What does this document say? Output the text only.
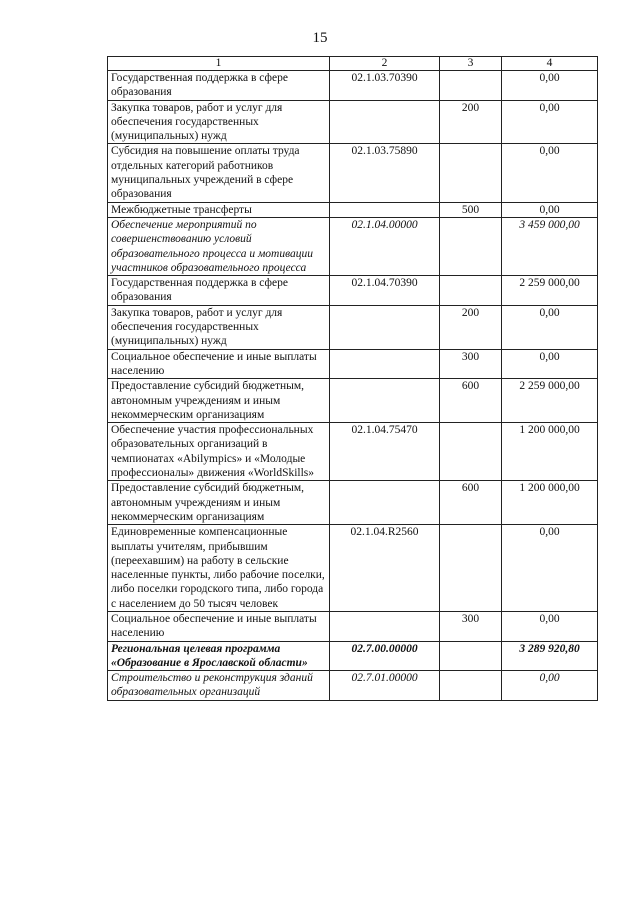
15
1	2	3	4
Государственная поддержка в сфере образования	02.1.03.70390		0,00
Закупка товаров, работ и услуг для обеспечения государственных (муниципальных) нужд		200	0,00
Субсидия на повышение оплаты труда отдельных категорий работников муниципальных учреждений в сфере образования	02.1.03.75890		0,00
Межбюджетные трансферты		500	0,00
Обеспечение мероприятий по совершенствованию условий образовательного процесса и мотивации участников образовательного процесса	02.1.04.00000		3 459 000,00
Государственная поддержка в сфере образования	02.1.04.70390		2 259 000,00
Закупка товаров, работ и услуг для обеспечения государственных (муниципальных) нужд		200	0,00
Социальное обеспечение и иные выплаты населению		300	0,00
Предоставление субсидий бюджетным, автономным учреждениям и иным некоммерческим организациям		600	2 259 000,00
Обеспечение участия профессиональных образовательных организаций в чемпионатах «Abilympics» и «Молодые профессионалы» движения «WorldSkills»	02.1.04.75470		1 200 000,00
Предоставление субсидий бюджетным, автономным учреждениям и иным некоммерческим организациям		600	1 200 000,00
Единовременные компенсационные выплаты учителям, прибывшим (переехавшим) на работу в сельские населенные пункты, либо рабочие поселки, либо поселки городского типа, либо города с населением до 50 тысяч человек	02.1.04.R2560		0,00
Социальное обеспечение и иные выплаты населению		300	0,00
Региональная целевая программа «Образование в Ярославской области»	02.7.00.00000		3 289 920,80
Строительство и реконструкция зданий образовательных организаций	02.7.01.00000		0,00
